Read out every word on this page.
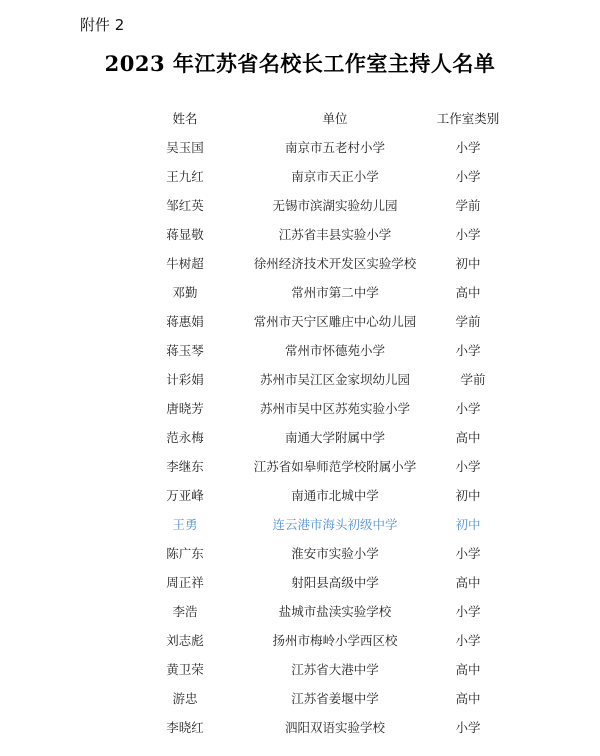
附件 2
2023 年江苏省名校长工作室主持人名单
姓名	单位	工作室类别
吴玉国	南京市五老村小学	小学
王九红	南京市天正小学	小学
邹红英	无锡市滨湖实验幼儿园	学前
蒋显敬	江苏省丰县实验小学	小学
牛树超	徐州经济技术开发区实验学校	初中
邓勤	常州市第二中学	高中
蒋惠娟	常州市天宁区雕庄中心幼儿园	学前
蒋玉琴	常州市怀德苑小学	小学
计彩娟	苏州市吴江区金家坝幼儿园	学前
唐晓芳	苏州市吴中区苏苑实验小学	小学
范永梅	南通大学附属中学	高中
李继东	江苏省如皋师范学校附属小学	小学
万亚峰	南通市北城中学	初中
王勇	连云港市海头初级中学	初中
陈广东	淮安市实验小学	小学
周正祥	射阳县高级中学	高中
李浩	盐城市盐渎实验学校	小学
刘志彪	扬州市梅岭小学西区校	小学
黄卫荣	江苏省大港中学	高中
游忠	江苏省姜堰中学	高中
李晓红	泗阳双语实验学校	小学
